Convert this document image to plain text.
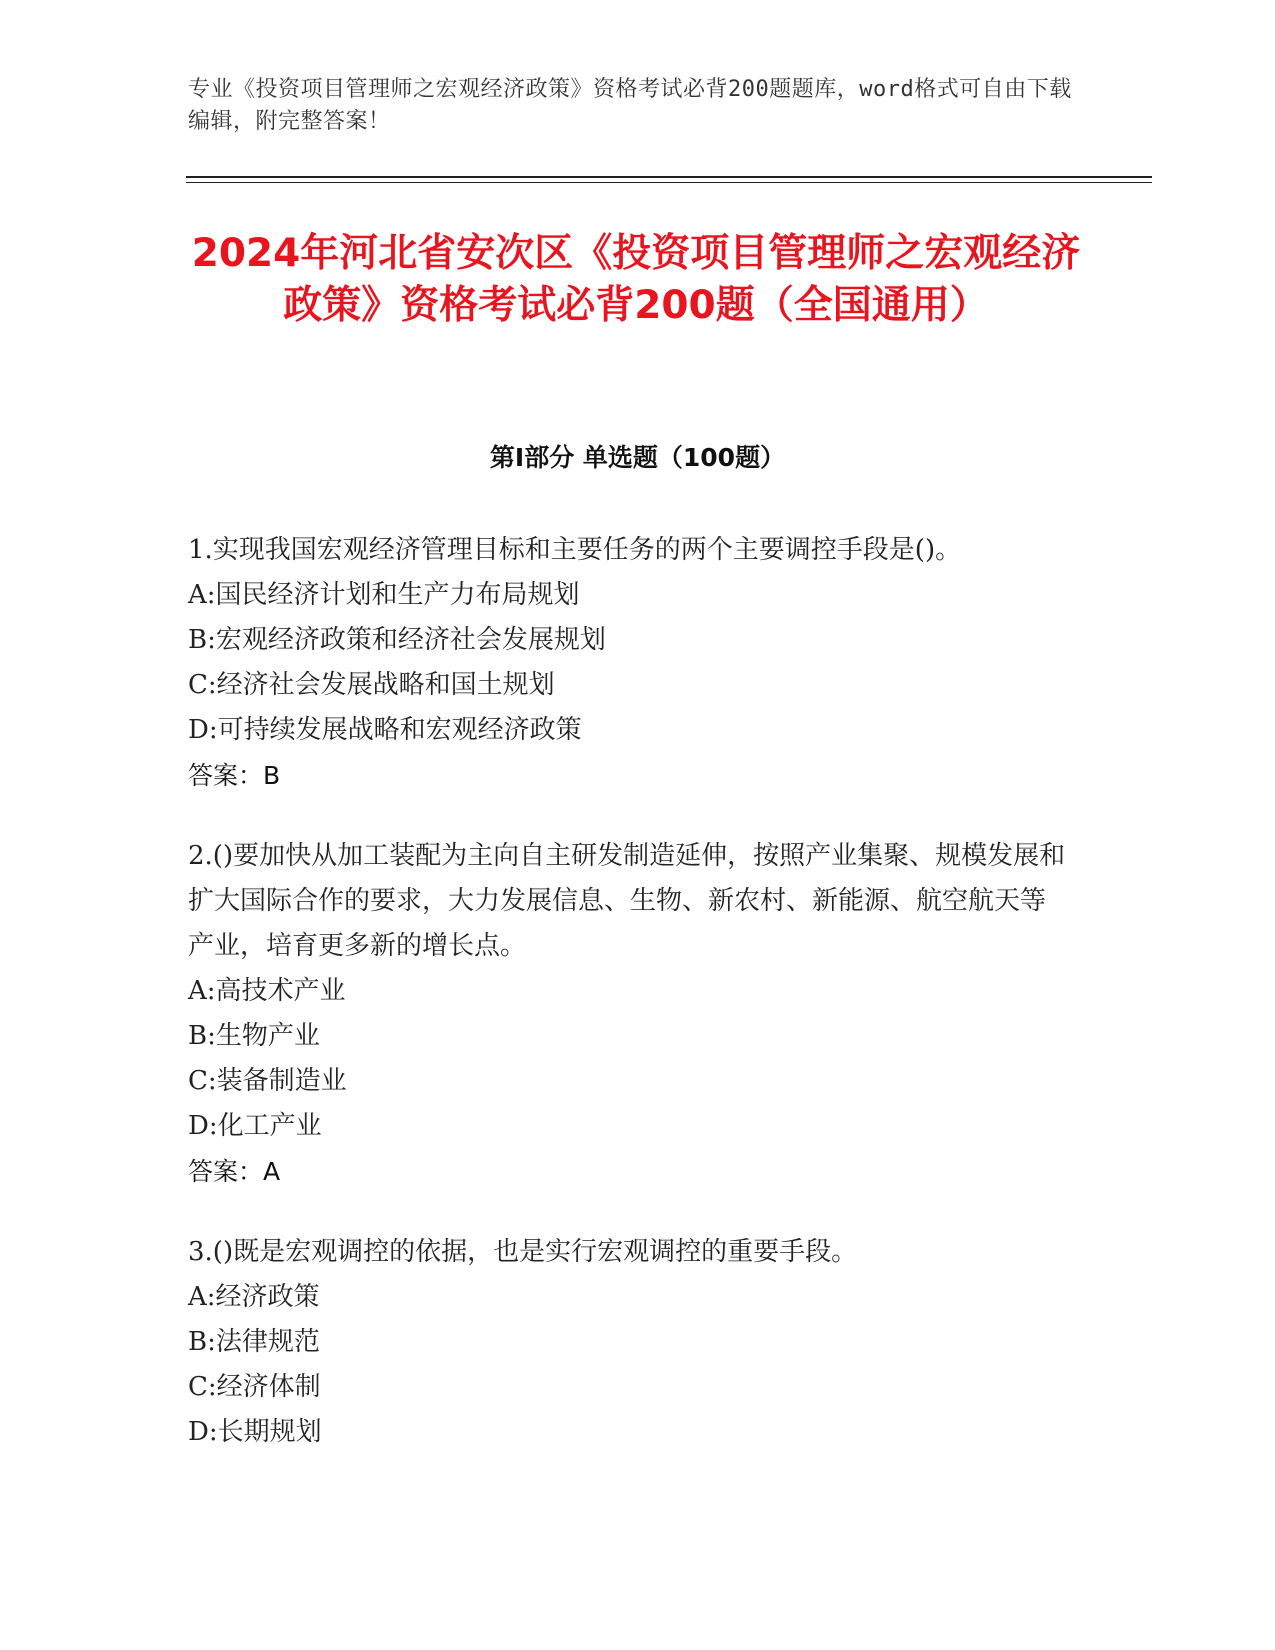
专业《投资项目管理师之宏观经济政策》资格考试必背200题题库，word格式可自由下载编辑，附完整答案！
2024年河北省安次区《投资项目管理师之宏观经济政策》资格考试必背200题（全国通用）
第Ⅰ部分 单选题（100题）
1.实现我国宏观经济管理目标和主要任务的两个主要调控手段是()。
A:国民经济计划和生产力布局规划
B:宏观经济政策和经济社会发展规划
C:经济社会发展战略和国土规划
D:可持续发展战略和宏观经济政策
答案：B
2.()要加快从加工装配为主向自主研发制造延伸，按照产业集聚、规模发展和扩大国际合作的要求，大力发展信息、生物、新农村、新能源、航空航天等产业，培育更多新的增长点。
A:高技术产业
B:生物产业
C:装备制造业
D:化工产业
答案：A
3.()既是宏观调控的依据，也是实行宏观调控的重要手段。
A:经济政策
B:法律规范
C:经济体制
D:长期规划
